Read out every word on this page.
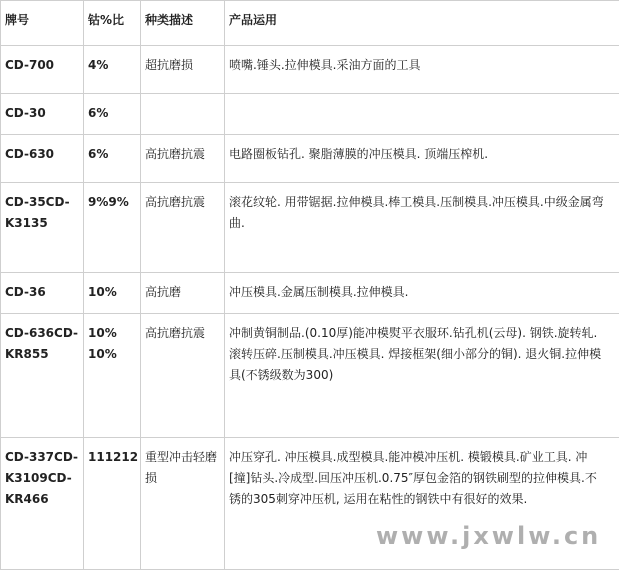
牌号	钴%比	种类描述	产品运用

CD-700	4%	超抗磨损	喷嘴.锤头.拉伸模具.采油方面的工具

CD-30	6%		

CD-630	6%	高抗磨抗震	电路圈板钻孔. 聚脂薄膜的冲压模具. 顶端压榨机.

CD-35CD-
K3135	9%9%	高抗磨抗震	滚花纹轮. 用带锯据.拉伸模具.棒工模具.压制模具.冲压模具.中级金属弯
曲.

CD-36	10%	高抗磨	冲压模具.金属压制模具.拉伸模具.

CD-636CD-
KR855	10%
10%	高抗磨抗震	冲制黄铜制品.(0.10厚)能冲模熨平衣服环.钻孔机(云母). 钢铁.旋转轧.
滚转压碎.压制模具.冲压模具. 焊接框架(细小部分的铜). 退火铜.拉伸模
具(不锈级数为300)

CD-337CD-
K3109CD-
KR466	111212	重型冲击轻磨
损	冲压穿孔. 冲压模具.成型模具.能冲模冲压机. 模锻模具.矿业工具. 冲
[撞]钻头.冷成型.回压冲压机.0.75″厚包金箔的钢铁刷型的拉伸模具.不
锈的305刺穿冲压机, 运用在粘性的钢铁中有很好的效果.
www.jxwlw.cn
